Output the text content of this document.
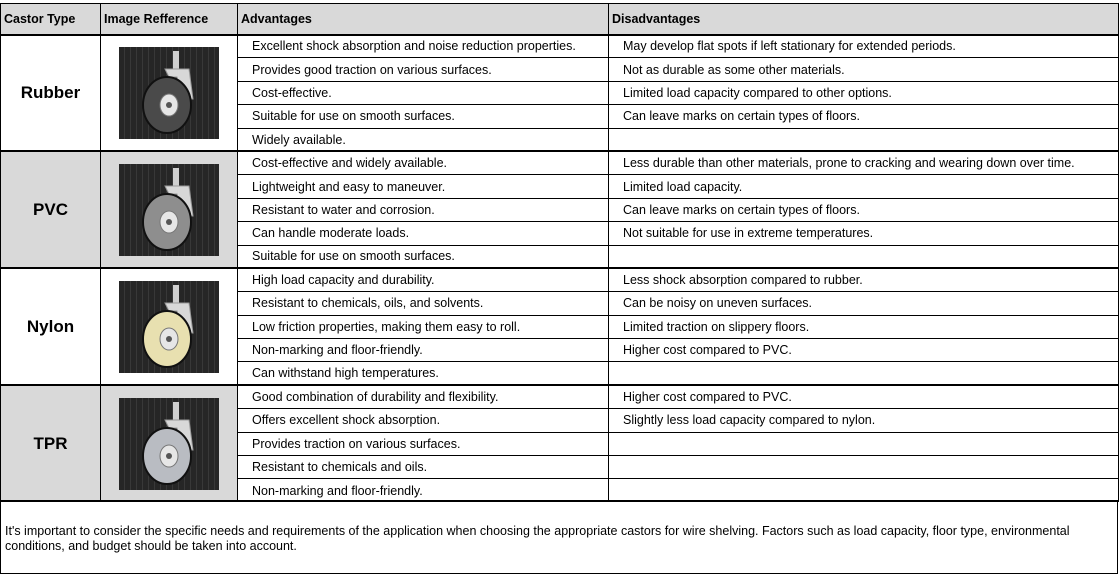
Castor Type	Image Refference	Advantages	Disadvantages
Rubber		Excellent shock absorption and noise reduction properties.	May develop flat spots if left stationary for extended periods.
		Provides good traction on various surfaces.	Not as durable as some other materials.
		Cost-effective.	Limited load capacity compared to other options.
		Suitable for use on smooth surfaces.	Can leave marks on certain types of floors.
		Widely available.	
PVC		Cost-effective and widely available.	Less durable than other materials, prone to cracking and wearing down over time.
		Lightweight and easy to maneuver.	Limited load capacity.
		Resistant to water and corrosion.	Can leave marks on certain types of floors.
		Can handle moderate loads.	Not suitable for use in extreme temperatures.
		Suitable for use on smooth surfaces.	
Nylon		High load capacity and durability.	Less shock absorption compared to rubber.
		Resistant to chemicals, oils, and solvents.	Can be noisy on uneven surfaces.
		Low friction properties, making them easy to roll.	Limited traction on slippery floors.
		Non-marking and floor-friendly.	Higher cost compared to PVC.
		Can withstand high temperatures.	
TPR		Good combination of durability and flexibility.	Higher cost compared to PVC.
		Offers excellent shock absorption.	Slightly less load capacity compared to nylon.
		Provides traction on various surfaces.	
		Resistant to chemicals and oils.	
		Non-marking and floor-friendly.	
It's important to consider the specific needs and requirements of the application when choosing the appropriate castors for wire shelving. Factors such as load capacity, floor type, environmental conditions, and budget should be taken into account.
